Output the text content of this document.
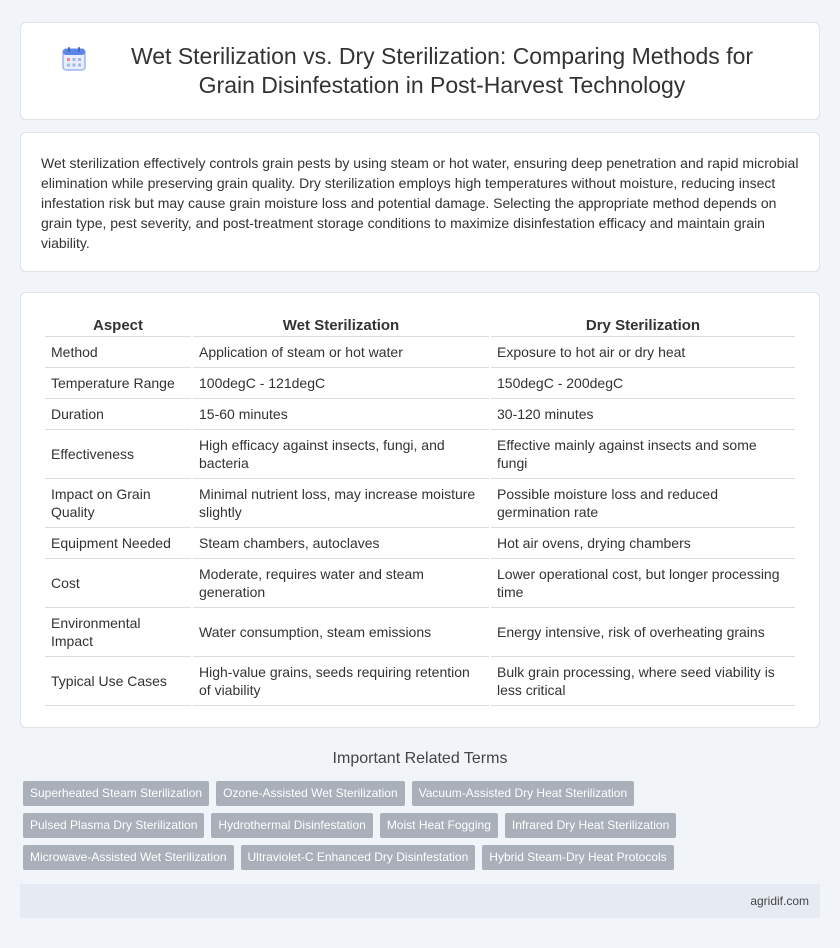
Wet Sterilization vs. Dry Sterilization: Comparing Methods for Grain Disinfestation in Post-Harvest Technology

Wet sterilization effectively controls grain pests by using steam or hot water, ensuring deep penetration and rapid microbial elimination while preserving grain quality. Dry sterilization employs high temperatures without moisture, reducing insect infestation risk but may cause grain moisture loss and potential damage. Selecting the appropriate method depends on grain type, pest severity, and post-treatment storage conditions to maximize disinfestation efficacy and maintain grain viability.

Aspect	Wet Sterilization	Dry Sterilization
Method	Application of steam or hot water	Exposure to hot air or dry heat
Temperature Range	100degC - 121degC	150degC - 200degC
Duration	15-60 minutes	30-120 minutes
Effectiveness	High efficacy against insects, fungi, and bacteria	Effective mainly against insects and some fungi
Impact on Grain Quality	Minimal nutrient loss, may increase moisture slightly	Possible moisture loss and reduced germination rate
Equipment Needed	Steam chambers, autoclaves	Hot air ovens, drying chambers
Cost	Moderate, requires water and steam generation	Lower operational cost, but longer processing time
Environmental Impact	Water consumption, steam emissions	Energy intensive, risk of overheating grains
Typical Use Cases	High-value grains, seeds requiring retention of viability	Bulk grain processing, where seed viability is less critical
Important Related Terms
Superheated Steam Sterilization	Ozone-Assisted Wet Sterilization	Vacuum-Assisted Dry Heat Sterilization
Pulsed Plasma Dry Sterilization	Hydrothermal Disinfestation	Moist Heat Fogging	Infrared Dry Heat Sterilization
Microwave-Assisted Wet Sterilization	Ultraviolet-C Enhanced Dry Disinfestation	Hybrid Steam-Dry Heat Protocols
agridif.com
